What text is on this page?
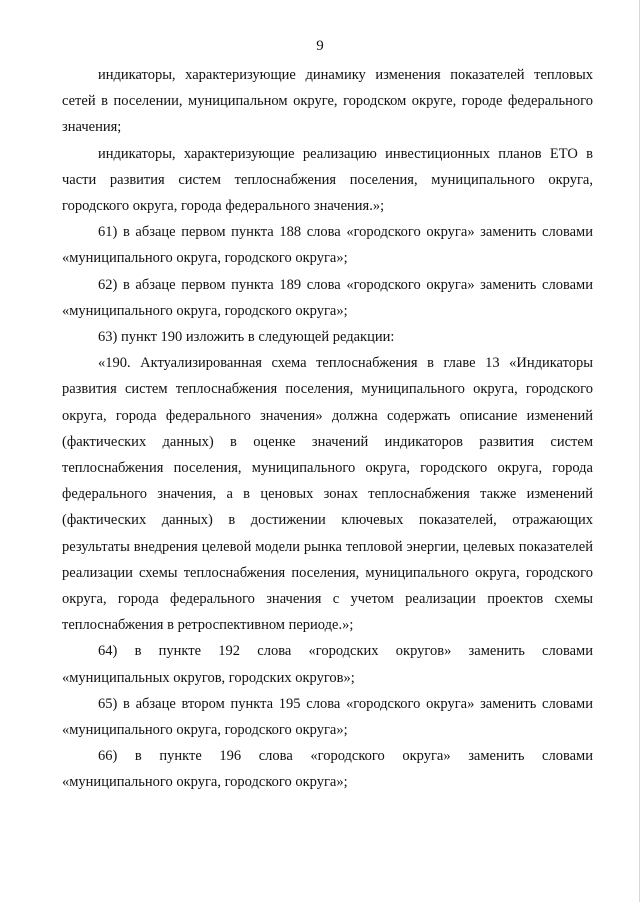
9

индикаторы, характеризующие динамику изменения показателей тепловых сетей в поселении, муниципальном округе, городском округе, городе федерального значения;

индикаторы, характеризующие реализацию инвестиционных планов ЕТО в части развития систем теплоснабжения поселения, муниципального округа, городского округа, города федерального значения.»;

61) в абзаце первом пункта 188 слова «городского округа» заменить словами «муниципального округа, городского округа»;

62) в абзаце первом пункта 189 слова «городского округа» заменить словами «муниципального округа, городского округа»;

63) пункт 190 изложить в следующей редакции:

«190. Актуализированная схема теплоснабжения в главе 13 «Индикаторы развития систем теплоснабжения поселения, муниципального округа, городского округа, города федерального значения» должна содержать описание изменений (фактических данных) в оценке значений индикаторов развития систем теплоснабжения поселения, муниципального округа, городского округа, города федерального значения, а в ценовых зонах теплоснабжения также изменений (фактических данных) в достижении ключевых показателей, отражающих результаты внедрения целевой модели рынка тепловой энергии, целевых показателей реализации схемы теплоснабжения поселения, муниципального округа, городского округа, города федерального значения с учетом реализации проектов схемы теплоснабжения в ретроспективном периоде.»;

64) в пункте 192 слова «городских округов» заменить словами «муниципальных округов, городских округов»;

65) в абзаце втором пункта 195 слова «городского округа» заменить словами «муниципального округа, городского округа»;

66) в пункте 196 слова «городского округа» заменить словами «муниципального округа, городского округа»;
